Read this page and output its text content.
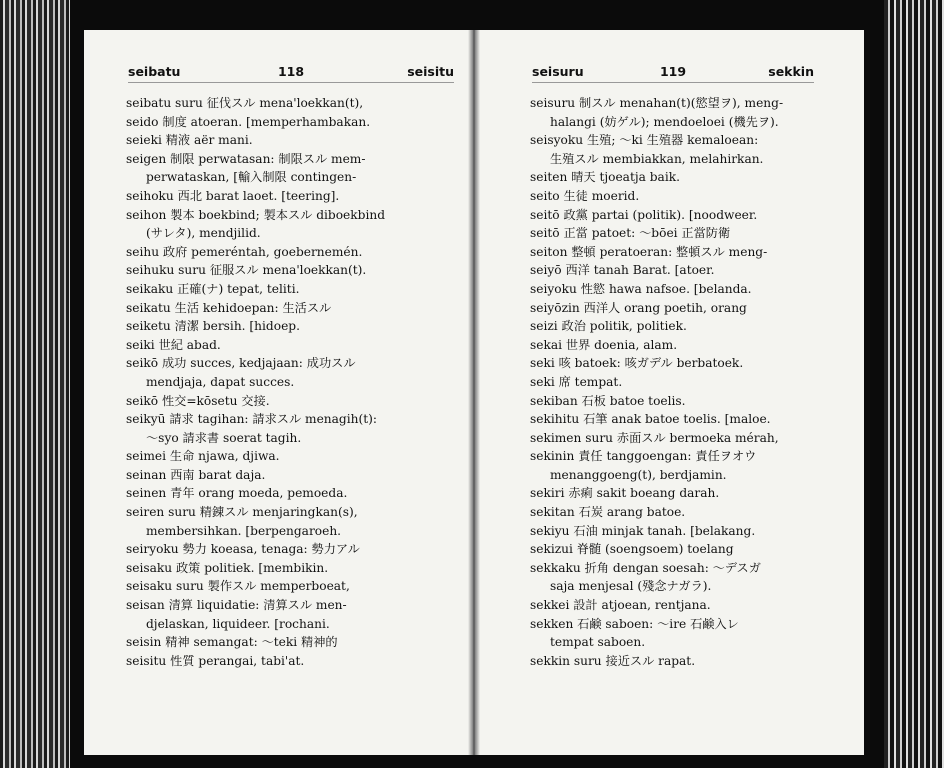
seibatu	118	seisitu

seibatu suru 征伐スル mena'loekkan(t),

seido 制度 atoeran. [memperhambakan.

seieki 精液 aër mani.

seigen 制限 perwatasan: 制限スル mem-

perwataskan, [輸入制限 contingen-

seihoku 西北 barat laoet. [teering].

seihon 製本 boekbind; 製本スル diboekbind

(サレタ), mendjilid.

seihu 政府 pemeréntah, goebernemén.

seihuku suru 征服スル mena'loekkan(t).

seikaku 正確(ナ) tepat, teliti.

seikatu 生活 kehidoepan: 生活スル

seiketu 清潔 bersih. [hidoep.

seiki 世紀 abad.

seikō 成功 succes, kedjajaan: 成功スル

mendjaja, dapat succes.

seikō 性交=kōsetu 交接.

seikyū 請求 tagihan: 請求スル menagih(t):

～syo 請求書 soerat tagih.

seimei 生命 njawa, djiwa.

seinan 西南 barat daja.

seinen 青年 orang moeda, pemoeda.

seiren suru 精錬スル menjaringkan(s),

membersihkan. [berpengaroeh.

seiryoku 勢力 koeasa, tenaga: 勢力アル

seisaku 政策 politiek. [membikin.

seisaku suru 製作スル memperboeat,

seisan 清算 liquidatie: 清算スル men-

djelaskan, liquideer. [rochani.

seisin 精神 semangat: ～teki 精神的

seisitu 性質 perangai, tabi'at.

seisuru	119	sekkin

seisuru 制スル menahan(t)(慾望ヲ), meng-

halangi (妨ゲル); mendoeloei (機先ヲ).

seisyoku 生殖; ～ki 生殖器 kemaloean:

生殖スル membiakkan, melahirkan.

seiten 晴天 tjoeatja baik.

seito 生徒 moerid.

seitō 政黨 partai (politik). [noodweer.

seitō 正當 patoet: ～bōei 正當防衛

seiton 整頓 peratoeran: 整頓スル meng-

seiyō 西洋 tanah Barat. [atoer.

seiyoku 性慾 hawa nafsoe. [belanda.

seiyōzin 西洋人 orang poetih, orang

seizi 政治 politik, politiek.

sekai 世界 doenia, alam.

seki 咳 batoek: 咳ガデル berbatoek.

seki 席 tempat.

sekiban 石板 batoe toelis.

sekihitu 石筆 anak batoe toelis. [maloe.

sekimen suru 赤面スル bermoeka mérah,

sekinin 責任 tanggoengan: 責任ヲオウ

menanggoeng(t), berdjamin.

sekiri 赤痢 sakit boeang darah.

sekitan 石炭 arang batoe.

sekiyu 石油 minjak tanah. [belakang.

sekizui 脊髄 (soengsoem) toelang

sekkaku 折角 dengan soesah: ～デスガ

saja menjesal (殘念ナガラ).

sekkei 設計 atjoean, rentjana.

sekken 石鹸 saboen: ～ire 石鹸入レ

tempat saboen.

sekkin suru 接近スル rapat.
